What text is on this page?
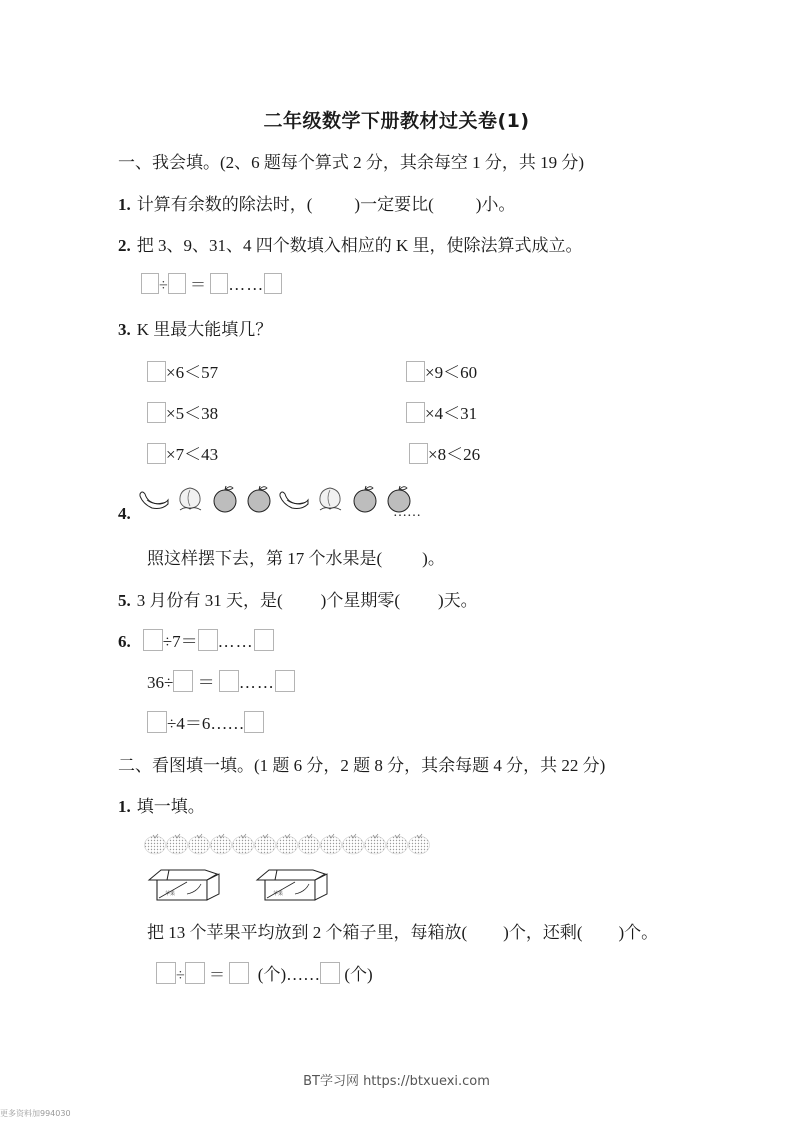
二年级数学下册教材过关卷(1)
一、我会填。(2、6 题每个算式 2 分，其余每空 1 分，共 19 分)
1. 计算有余数的除法时，( )一定要比( )小。
2. 把 3、9、31、4 四个数填入相应的 K 里，使除法算式成立。
÷ ＝ ……
3. K 里最大能填几？
×6＜57	×9＜60
×5＜38	×4＜31
×7＜43	×8＜26
4.
	……
照这样摆下去，第 17 个水果是( )。
5. 3 月份有 31 天，是( )个星期零( )天。
6. ÷7＝ ……
36÷ ＝ ……
÷4＝6……
二、看图填一填。(1 题 6 分，2 题 8 分，其余每题 4 分，共 22 分)
1. 填一填。
苹果
	苹果
把 13 个苹果平均放到 2 个箱子里，每箱放( )个，还剩( )个。
÷ ＝ (个)…… (个)
BT学习网 https://btxuexi.com
更多资料加994030
